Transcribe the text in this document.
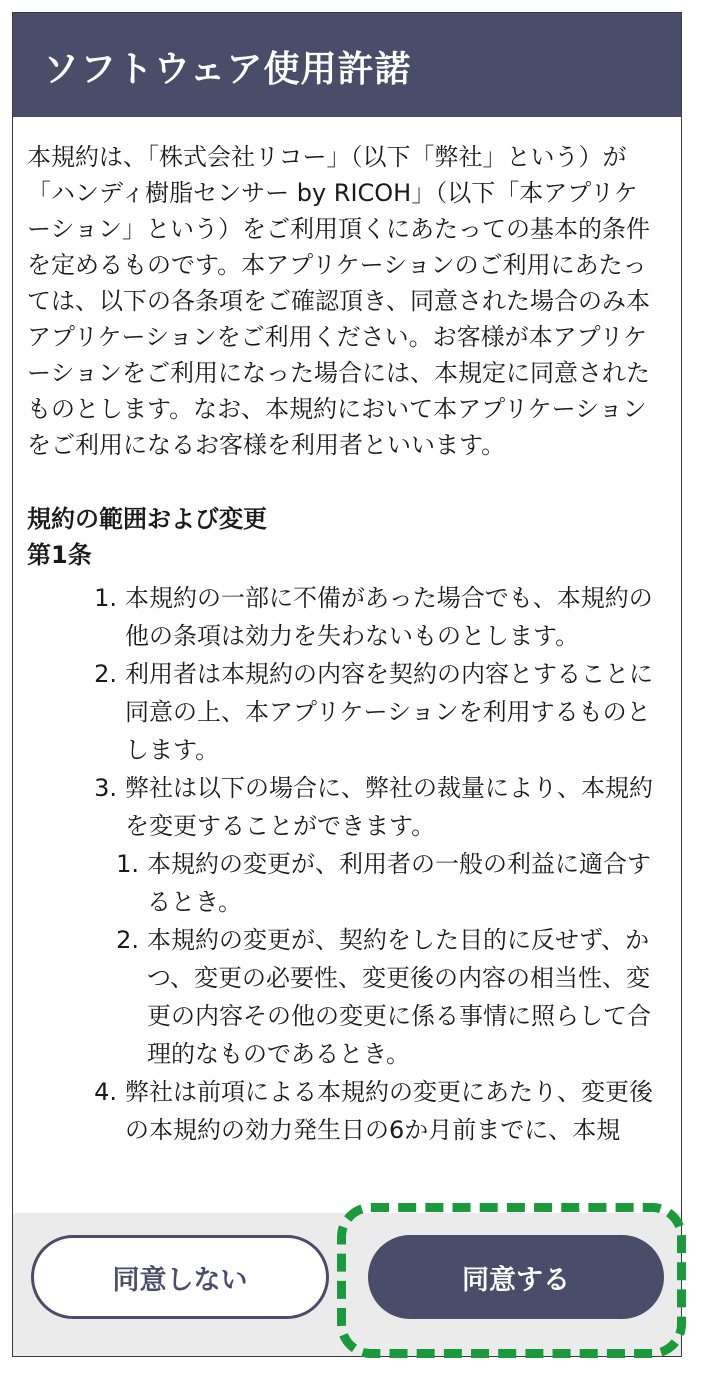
ソフトウェア使用許諾

本規約は、「株式会社リコー」（以下「弊社」という）が「ハンディ樹脂センサー by RICOH」（以下「本アプリケーション」という）をご利用頂くにあたっての基本的条件を定めるものです。本アプリケーションのご利用にあたっては、以下の各条項をご確認頂き、同意された場合のみ本アプリケーションをご利用ください。お客様が本アプリケーションをご利用になった場合には、本規定に同意されたものとします。なお、本規約において本アプリケーションをご利用になるお客様を利用者といいます。

規約の範囲および変更

第1条

1. 本規約の一部に不備があった場合でも、本規約の他の条項は効力を失わないものとします。
2. 利用者は本規約の内容を契約の内容とすることに同意の上、本アプリケーションを利用するものとします。
3. 弊社は以下の場合に、弊社の裁量により、本規約を変更することができます。
1. 本規約の変更が、利用者の一般の利益に適合するとき。
2. 本規約の変更が、契約をした目的に反せず、かつ、変更の必要性、変更後の内容の相当性、変更の内容その他の変更に係る事情に照らして合理的なものであるとき。
4. 弊社は前項による本規約の変更にあたり、変更後の本規約の効力発生日の6か月前までに、本規
同意しない	同意する
